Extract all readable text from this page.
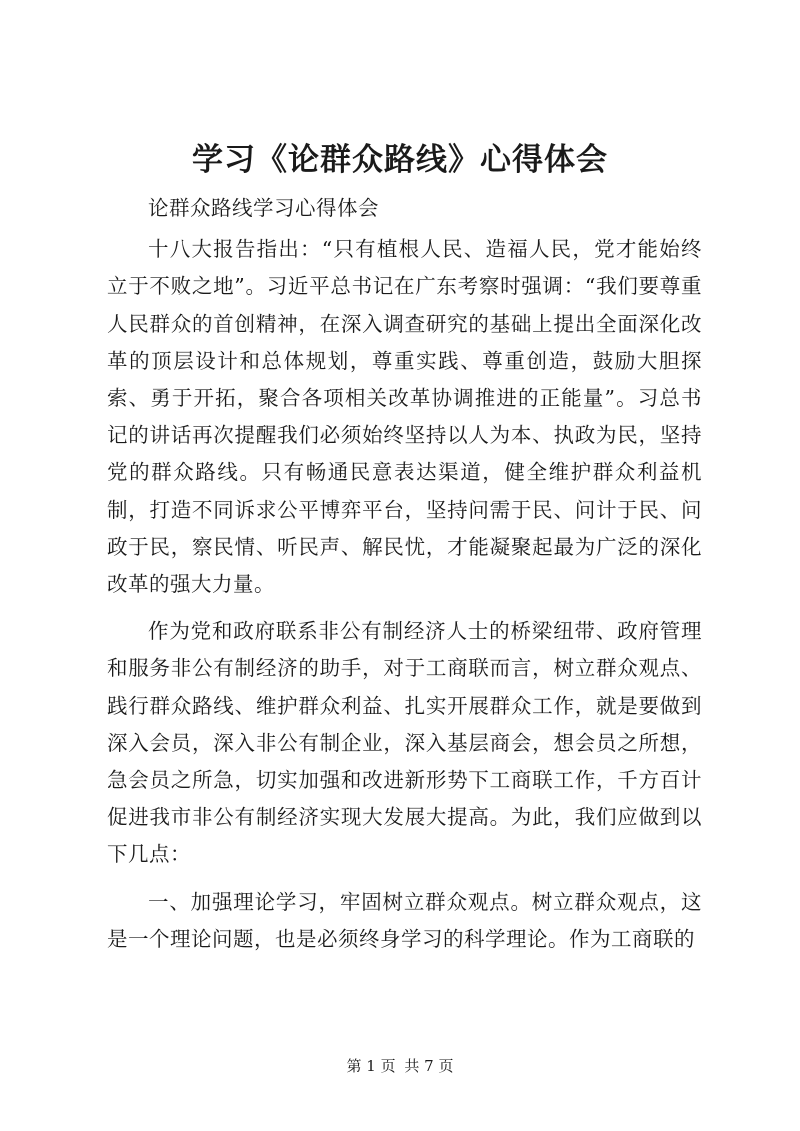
学习《论群众路线》心得体会

论群众路线学习心得体会

十八大报告指出：“只有植根人民、造福人民，党才能始终立于不败之地”。习近平总书记在广东考察时强调：“我们要尊重人民群众的首创精神，在深入调查研究的基础上提出全面深化改革的顶层设计和总体规划，尊重实践、尊重创造，鼓励大胆探索、勇于开拓，聚合各项相关改革协调推进的正能量”。习总书记的讲话再次提醒我们必须始终坚持以人为本、执政为民，坚持党的群众路线。只有畅通民意表达渠道，健全维护群众利益机制，打造不同诉求公平博弈平台，坚持问需于民、问计于民、问政于民，察民情、听民声、解民忧，才能凝聚起最为广泛的深化改革的强大力量。

作为党和政府联系非公有制经济人士的桥梁纽带、政府管理和服务非公有制经济的助手，对于工商联而言，树立群众观点、践行群众路线、维护群众利益、扎实开展群众工作，就是要做到深入会员，深入非公有制企业，深入基层商会，想会员之所想，急会员之所急，切实加强和改进新形势下工商联工作，千方百计促进我市非公有制经济实现大发展大提高。为此，我们应做到以下几点：

一、加强理论学习，牢固树立群众观点。树立群众观点，这是一个理论问题，也是必须终身学习的科学理论。作为工商联的

第 1 页 共 7 页
